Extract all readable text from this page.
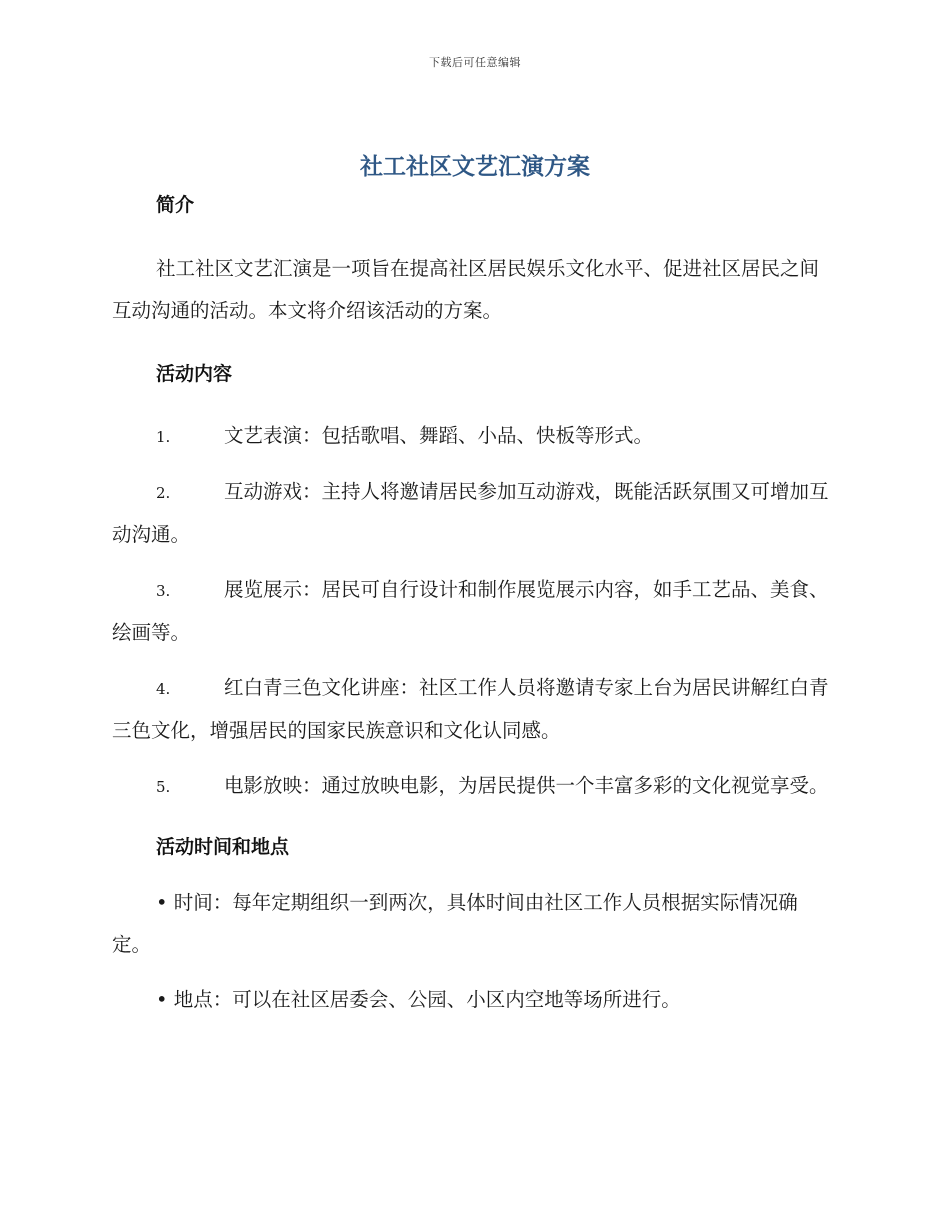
下载后可任意编辑
社工社区文艺汇演方案

简介

社工社区文艺汇演是一项旨在提高社区居民娱乐文化水平、促进社区居民之间互动沟通的活动。本文将介绍该活动的方案。

活动内容

1.	文艺表演：包括歌唱、舞蹈、小品、快板等形式。

2.	互动游戏：主持人将邀请居民参加互动游戏，既能活跃氛围又可增加互动沟通。

3.	展览展示：居民可自行设计和制作展览展示内容，如手工艺品、美食、绘画等。

4.	红白青三色文化讲座：社区工作人员将邀请专家上台为居民讲解红白青三色文化，增强居民的国家民族意识和文化认同感。

5.	电影放映：通过放映电影，为居民提供一个丰富多彩的文化视觉享受。

活动时间和地点

• 时间：每年定期组织一到两次，具体时间由社区工作人员根据实际情况确定。

• 地点：可以在社区居委会、公园、小区内空地等场所进行。
